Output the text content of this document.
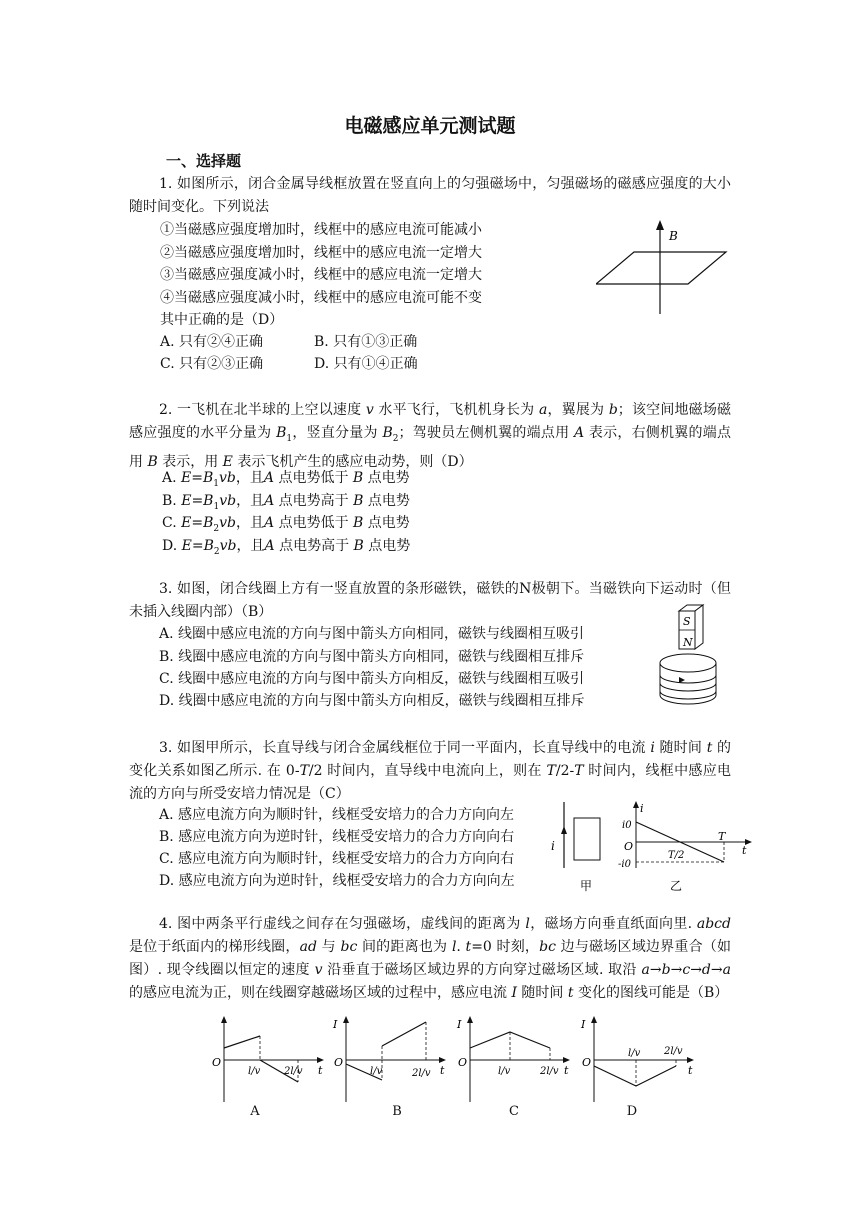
电磁感应单元测试题
一、选择题
1. 如图所示，闭合金属导线框放置在竖直向上的匀强磁场中，匀强磁场的磁感应强度的大小随时间变化。下列说法
①当磁感应强度增加时，线框中的感应电流可能减小
②当磁感应强度增加时，线框中的感应电流一定增大
③当磁感应强度减小时，线框中的感应电流一定增大
④当磁感应强度减小时，线框中的感应电流可能不变
其中正确的是（D）
A. 只有②④正确	B. 只有①③正确
C. 只有②③正确	D. 只有①④正确
B
2. 一飞机在北半球的上空以速度 v 水平飞行，飞机机身长为 a，翼展为 b；该空间地磁场磁感应强度的水平分量为 $B_1$，竖直分量为 $B_2$；驾驶员左侧机翼的端点用 A 表示，右侧机翼的端点用 B 表示，用 E 表示飞机产生的感应电动势，则（D）
A. $E=B_1vb$，且A 点电势低于 B 点电势
B. $E=B_1vb$，且A 点电势高于 B 点电势
C. $E=B_2vb$，且A 点电势低于 B 点电势
D. $E=B_2vb$，且A 点电势高于 B 点电势
3. 如图，闭合线圈上方有一竖直放置的条形磁铁，磁铁的N极朝下。当磁铁向下运动时（但未插入线圈内部）（B）
A. 线圈中感应电流的方向与图中箭头方向相同，磁铁与线圈相互吸引
B. 线圈中感应电流的方向与图中箭头方向相同，磁铁与线圈相互排斥
C. 线圈中感应电流的方向与图中箭头方向相反，磁铁与线圈相互吸引
D. 线圈中感应电流的方向与图中箭头方向相反，磁铁与线圈相互排斥
S
N
3. 如图甲所示，长直导线与闭合金属线框位于同一平面内，长直导线中的电流 i 随时间 t 的变化关系如图乙所示. 在 0-T/2 时间内，直导线中电流向上，则在 T/2-T 时间内，线框中感应电流的方向与所受安培力情况是（C）
A. 感应电流方向为顺时针，线框受安培力的合力方向向左
B. 感应电流方向为逆时针，线框受安培力的合力方向向右
C. 感应电流方向为顺时针，线框受安培力的合力方向向右
D. 感应电流方向为逆时针，线框受安培力的合力方向向左
i
甲
i
i0
O
T
T/2
-i0
t
乙
4. 图中两条平行虚线之间存在匀强磁场，虚线间的距离为 l，磁场方向垂直纸面向里. abcd 是位于纸面内的梯形线圈，ad 与 bc 间的距离也为 l. t=0 时刻，bc 边与磁场区域边界重合（如图）. 现令线圈以恒定的速度 v 沿垂直于磁场区域边界的方向穿过磁场区域. 取沿 a→b→c→d→a 的感应电流为正，则在线圈穿越磁场区域的过程中，感应电流 I 随时间 t 变化的图线可能是（B）
O
l/v 2l/v t
I
O
l/v	2l/v t
I
O
l/v	2l/v t
I
O
l/v 2l/v
t
A	B	C	D
